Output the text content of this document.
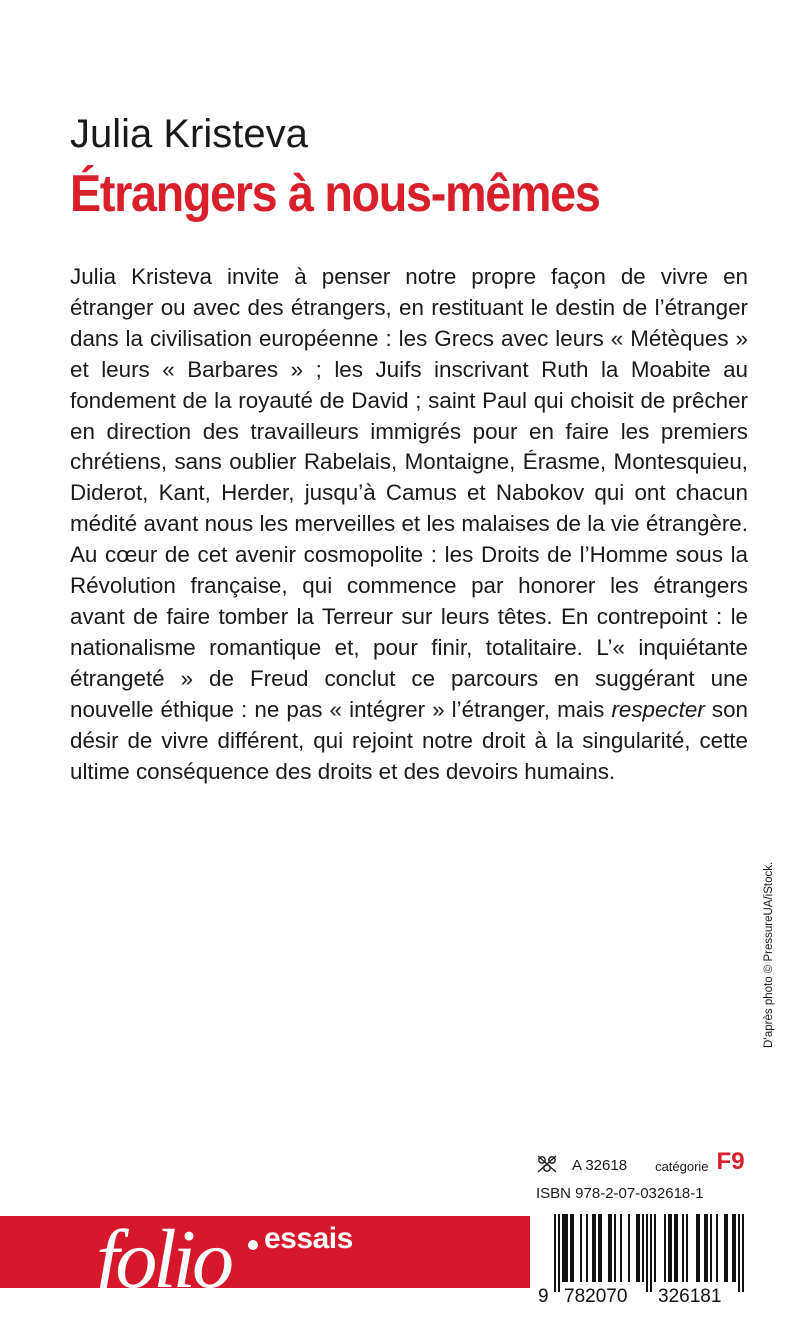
Julia Kristeva
Étrangers à nous-mêmes
Julia Kristeva invite à penser notre propre façon de vivre en étranger ou avec des étrangers, en restituant le destin de l’étranger dans la civilisation européenne : les Grecs avec leurs « Métèques » et leurs « Barbares » ; les Juifs inscrivant Ruth la Moabite au fondement de la royauté de David ; saint Paul qui choisit de prêcher en direction des travailleurs immigrés pour en faire les premiers chrétiens, sans oublier Rabelais, Montaigne, Érasme, Montesquieu, Diderot, Kant, Herder, jusqu’à Camus et Nabokov qui ont chacun médité avant nous les merveilles et les malaises de la vie étrangère. Au cœur de cet avenir cosmopolite : les Droits de l’Homme sous la Révolution française, qui commence par honorer les étrangers avant de faire tomber la Terreur sur leurs têtes. En contrepoint : le nationalisme romantique et, pour finir, totalitaire. L’« inquiétante étrangeté » de Freud conclut ce parcours en suggérant une nouvelle éthique : ne pas « intégrer » l’étranger, mais respecter son désir de vivre différent, qui rejoint notre droit à la singularité, cette ultime conséquence des droits et des devoirs humains.
D’après photo © PressureUA/iStock.
A 32618 catégorie F9
ISBN 978-2-07-032618-1
folio essais
9 782070 326181
